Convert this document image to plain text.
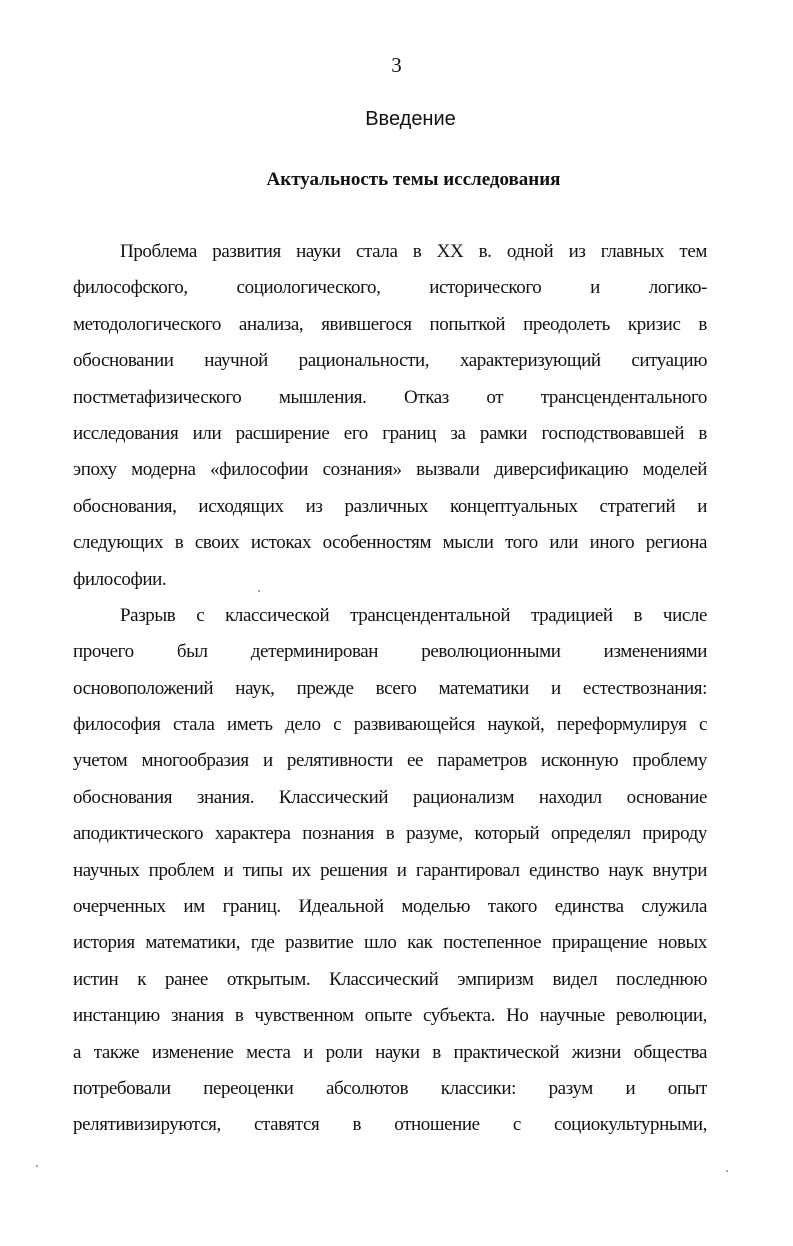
3
Введение
Актуальность темы исследования
Проблема развития науки стала в XX в. одной из главных тем
философского, социологического, исторического и логико-
методологического анализа, явившегося попыткой преодолеть кризис в
обосновании научной рациональности, характеризующий ситуацию
постметафизического мышления. Отказ от трансцендентального
исследования или расширение его границ за рамки господствовавшей в
эпоху модерна «философии сознания» вызвали диверсификацию моделей
обоснования, исходящих из различных концептуальных стратегий и
следующих в своих истоках особенностям мысли того или иного региона
философии.
Разрыв с классической трансцендентальной традицией в числе
прочего был детерминирован революционными изменениями
основоположений наук, прежде всего математики и естествознания:
философия стала иметь дело с развивающейся наукой, переформулируя с
учетом многообразия и релятивности ее параметров исконную проблему
обоснования знания. Классический рационализм находил основание
аподиктического характера познания в разуме, который определял природу
научных проблем и типы их решения и гарантировал единство наук внутри
очерченных им границ. Идеальной моделью такого единства служила
история математики, где развитие шло как постепенное приращение новых
истин к ранее открытым. Классический эмпиризм видел последнюю
инстанцию знания в чувственном опыте субъекта. Но научные революции,
а также изменение места и роли науки в практической жизни общества
потребовали переоценки абсолютов классики: разум и опыт
релятивизируются, ставятся в отношение с социокультурными,
